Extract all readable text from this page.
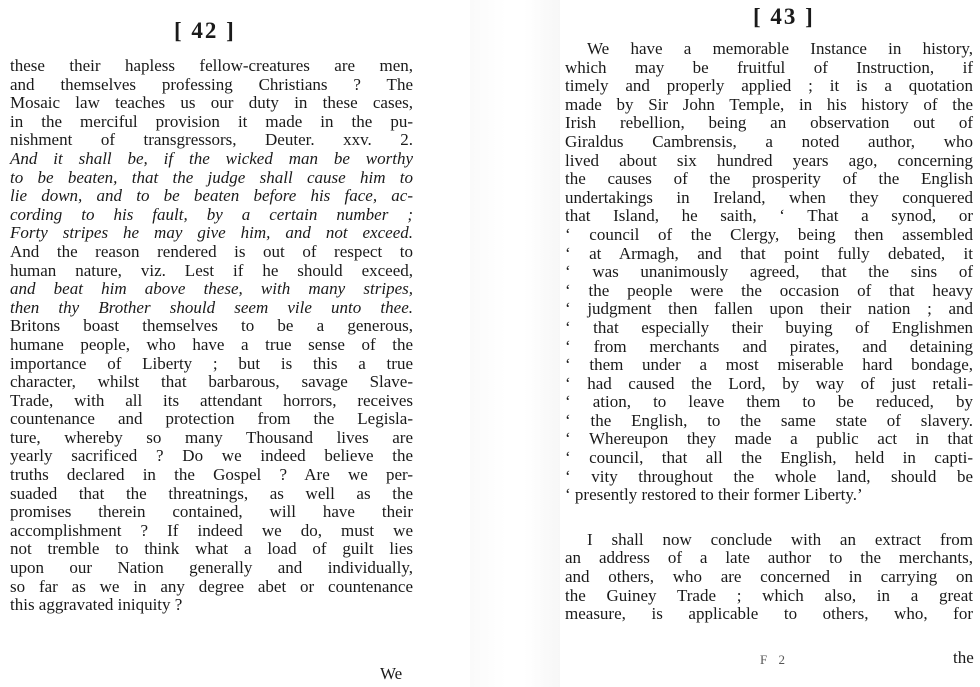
[ 42 ]
these their hapless fellow-creatures are men,
and themselves professing Christians ? The
Mosaic law teaches us our duty in these cases,
in the merciful provision it made in the pu-
nishment of transgressors, Deuter. xxv. 2.
And it shall be, if the wicked man be worthy
to be beaten, that the judge shall cause him to
lie down, and to be beaten before his face, ac-
cording to his fault, by a certain number ;
Forty stripes he may give him, and not exceed.
And the reason rendered is out of respect to
human nature, viz. Lest if he should exceed,
and beat him above these, with many stripes,
then thy Brother should seem vile unto thee.
Britons boast themselves to be a generous,
humane people, who have a true sense of the
importance of Liberty ; but is this a true
character, whilst that barbarous, savage Slave-
Trade, with all its attendant horrors, receives
countenance and protection from the Legisla-
ture, whereby so many Thousand lives are
yearly sacrificed ? Do we indeed believe the
truths declared in the Gospel ? Are we per-
suaded that the threatnings, as well as the
promises therein contained, will have their
accomplishment ? If indeed we do, must we
not tremble to think what a load of guilt lies
upon our Nation generally and individually,
so far as we in any degree abet or countenance
this aggravated iniquity ?
We
[ 43 ]
We have a memorable Instance in history,
which may be fruitful of Instruction, if
timely and properly applied ; it is a quotation
made by Sir John Temple, in his history of the
Irish rebellion, being an observation out of
Giraldus Cambrensis, a noted author, who
lived about six hundred years ago, concerning
the causes of the prosperity of the English
undertakings in Ireland, when they conquered
that Island, he saith, ‘ That a synod, or
‘ council of the Clergy, being then assembled
‘ at Armagh, and that point fully debated, it
‘ was unanimously agreed, that the sins of
‘ the people were the occasion of that heavy
‘ judgment then fallen upon their nation ; and
‘ that especially their buying of Englishmen
‘ from merchants and pirates, and detaining
‘ them under a most miserable hard bondage,
‘ had caused the Lord, by way of just retali-
‘ ation, to leave them to be reduced, by
‘ the English, to the same state of slavery.
‘ Whereupon they made a public act in that
‘ council, that all the English, held in capti-
‘ vity throughout the whole land, should be
‘ presently restored to their former Liberty.’
I shall now conclude with an extract from
an address of a late author to the merchants,
and others, who are concerned in carrying on
the Guiney Trade ; which also, in a great
measure, is applicable to others, who, for
F 2	the
